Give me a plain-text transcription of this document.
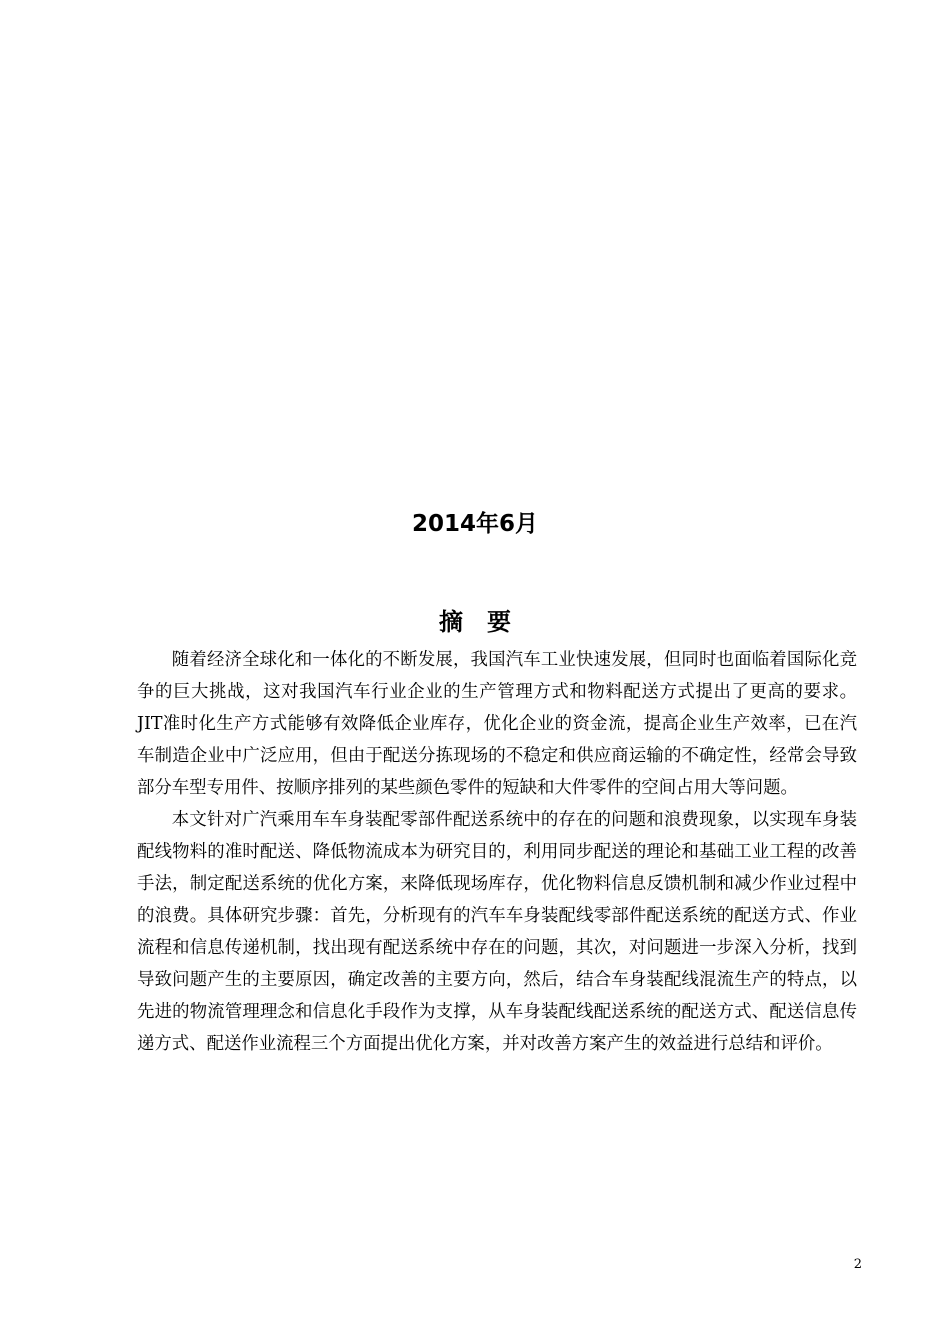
2014年6月
摘 要

随着经济全球化和一体化的不断发展，我国汽车工业快速发展，但同时也面临着国际化竞争的巨大挑战，这对我国汽车行业企业的生产管理方式和物料配送方式提出了更高的要求。JIT准时化生产方式能够有效降低企业库存，优化企业的资金流，提高企业生产效率，已在汽车制造企业中广泛应用，但由于配送分拣现场的不稳定和供应商运输的不确定性，经常会导致部分车型专用件、按顺序排列的某些颜色零件的短缺和大件零件的空间占用大等问题。

本文针对广汽乘用车车身装配零部件配送系统中的存在的问题和浪费现象，以实现车身装配线物料的准时配送、降低物流成本为研究目的，利用同步配送的理论和基础工业工程的改善手法，制定配送系统的优化方案，来降低现场库存，优化物料信息反馈机制和减少作业过程中的浪费。具体研究步骤：首先，分析现有的汽车车身装配线零部件配送系统的配送方式、作业流程和信息传递机制，找出现有配送系统中存在的问题，其次，对问题进一步深入分析，找到导致问题产生的主要原因，确定改善的主要方向，然后，结合车身装配线混流生产的特点，以先进的物流管理理念和信息化手段作为支撑，从车身装配线配送系统的配送方式、配送信息传递方式、配送作业流程三个方面提出优化方案，并对改善方案产生的效益进行总结和评价。

2
